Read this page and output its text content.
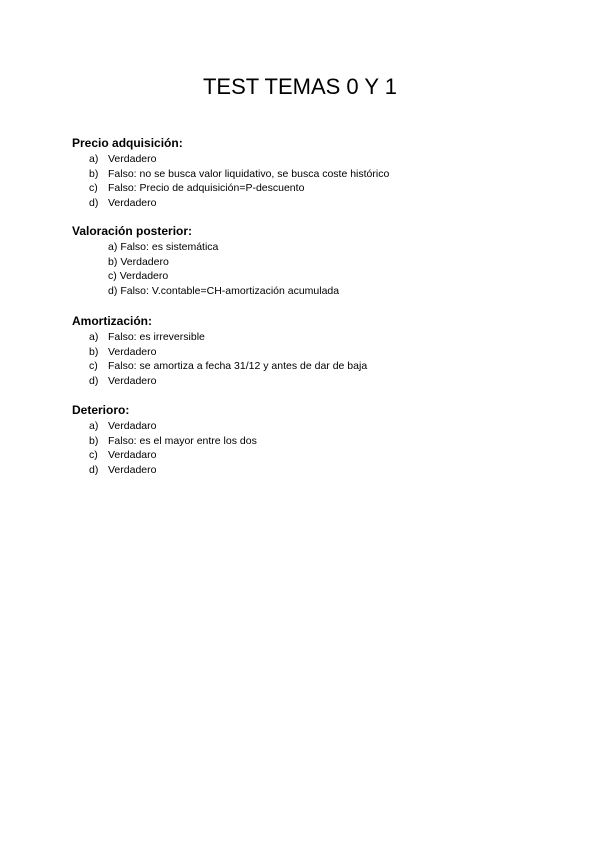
TEST TEMAS 0 Y 1
Precio adquisición:
a) Verdadero
b) Falso: no se busca valor liquidativo, se busca coste histórico
c) Falso: Precio de adquisición=P-descuento
d) Verdadero
Valoración posterior:
a) Falso: es sistemática
b) Verdadero
c) Verdadero
d) Falso: V.contable=CH-amortización acumulada
Amortización:
a) Falso: es irreversible
b) Verdadero
c) Falso: se amortiza a fecha 31/12 y antes de dar de baja
d) Verdadero
Deterioro:
a) Verdadaro
b) Falso: es el mayor entre los dos
c) Verdadaro
d) Verdadero
